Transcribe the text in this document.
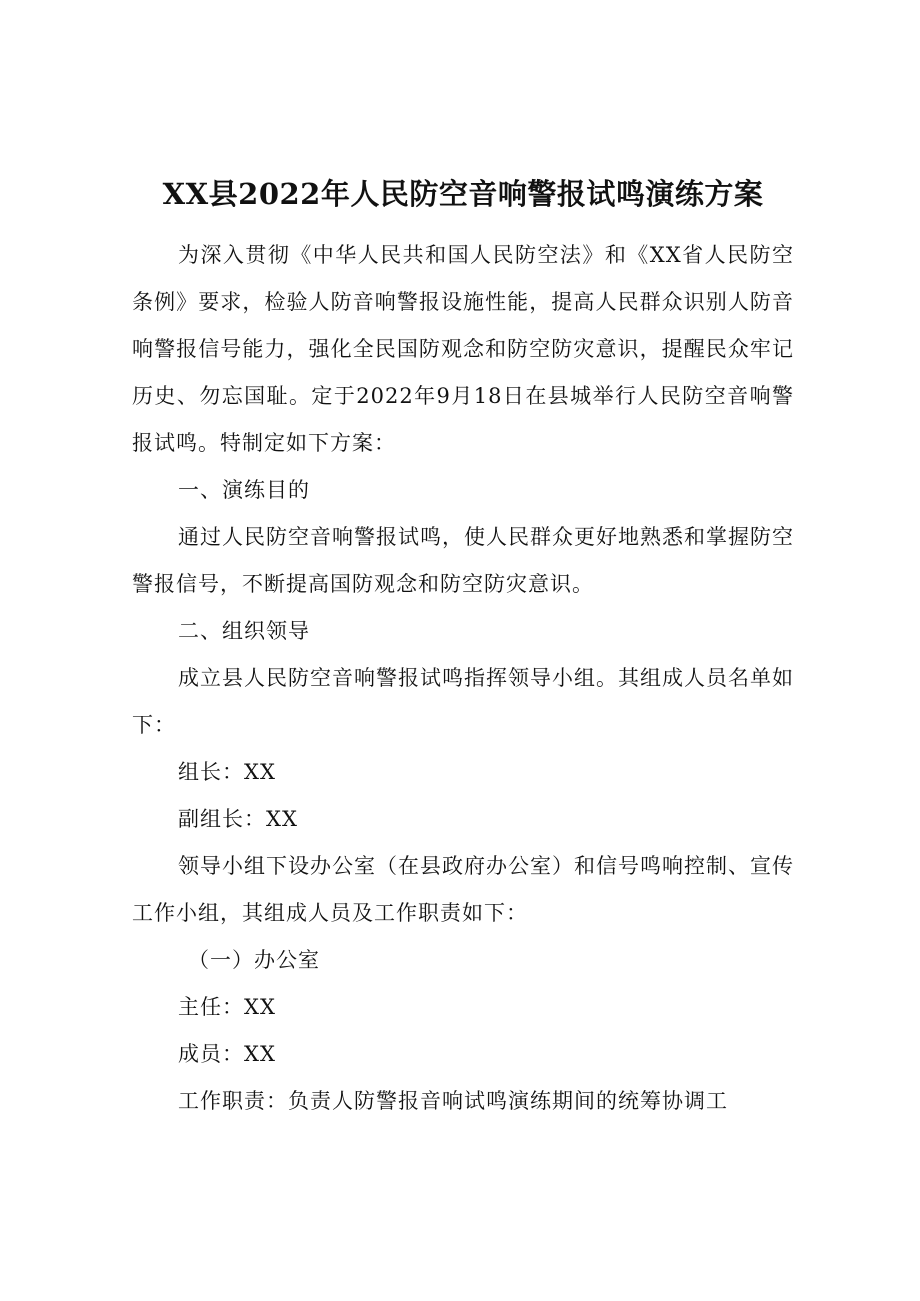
XX县2022年人民防空音响警报试鸣演练方案

为深入贯彻《中华人民共和国人民防空法》和《XX省人民防空条例》要求，检验人防音响警报设施性能，提高人民群众识别人防音响警报信号能力，强化全民国防观念和防空防灾意识，提醒民众牢记历史、勿忘国耻。定于2022年9月18日在县城举行人民防空音响警报试鸣。特制定如下方案：

一、演练目的

通过人民防空音响警报试鸣，使人民群众更好地熟悉和掌握防空警报信号，不断提高国防观念和防空防灾意识。

二、组织领导

成立县人民防空音响警报试鸣指挥领导小组。其组成人员名单如下：

组长：XX

副组长：XX

领导小组下设办公室（在县政府办公室）和信号鸣响控制、宣传工作小组，其组成人员及工作职责如下：

（一）办公室

主任：XX

成员：XX

工作职责：负责人防警报音响试鸣演练期间的统筹协调工
